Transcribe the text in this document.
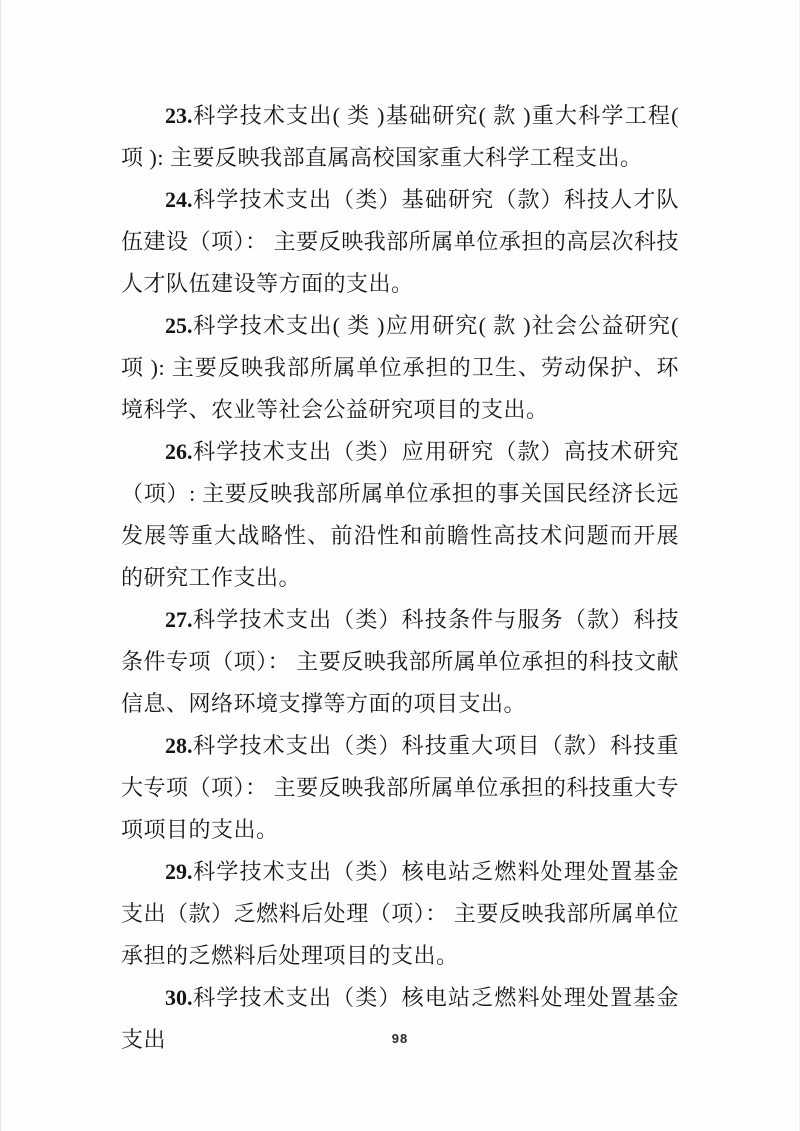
23.科学技术支出( 类 )基础研究( 款 )重大科学工程( 项 ): 主要反映我部直属高校国家重大科学工程支出。

24.科学技术支出（类）基础研究（款）科技人才队伍建设（项）： 主要反映我部所属单位承担的高层次科技人才队伍建设等方面的支出。

25.科学技术支出( 类 )应用研究( 款 )社会公益研究( 项 ): 主要反映我部所属单位承担的卫生、劳动保护、环境科学、农业等社会公益研究项目的支出。

26.科学技术支出（类）应用研究（款）高技术研究（项）: 主要反映我部所属单位承担的事关国民经济长远发展等重大战略性、前沿性和前瞻性高技术问题而开展的研究工作支出。

27.科学技术支出（类）科技条件与服务（款）科技条件专项（项）： 主要反映我部所属单位承担的科技文献信息、网络环境支撑等方面的项目支出。

28.科学技术支出（类）科技重大项目（款）科技重大专项（项）： 主要反映我部所属单位承担的科技重大专项项目的支出。

29.科学技术支出（类）核电站乏燃料处理处置基金支出（款）乏燃料后处理（项）： 主要反映我部所属单位承担的乏燃料后处理项目的支出。

30.科学技术支出（类）核电站乏燃料处理处置基金支出	98
